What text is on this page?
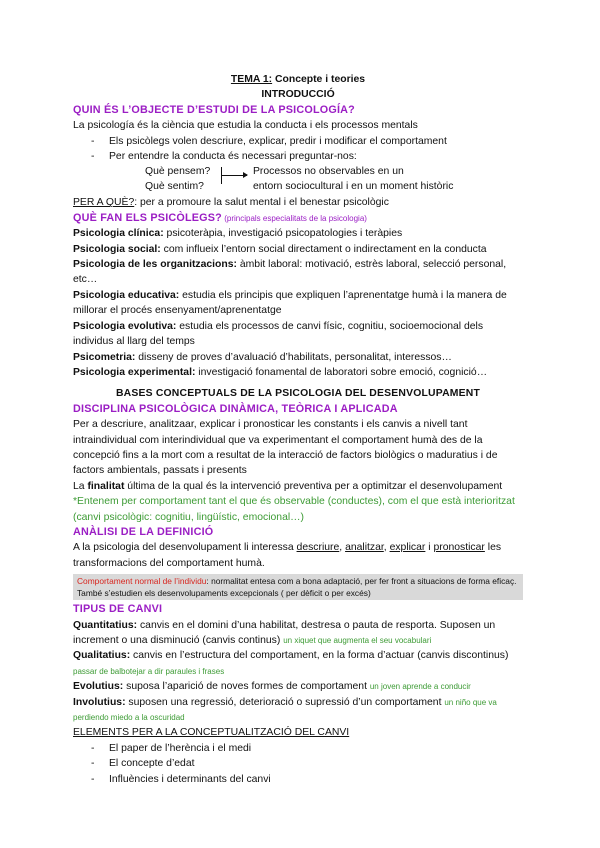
TEMA 1: Concepte i teories
INTRODUCCIÓ
QUIN ÉS L’OBJECTE D’ESTUDI DE LA PSICOLOGÍA?

La psicología és la ciència que estudia la conducta i els processos mentals

- Els psicòlegs volen descriure, explicar, predir i modificar el comportament
- Per entendre la conducta és necessari preguntar-nos:
Què pensem?
Què sentim?
Processos no observables en un
entorn sociocultural i en un moment històric

PER A QUÈ?: per a promoure la salut mental i el benestar psicològic

QUÈ FAN ELS PSICÒLEGS? (principals especialitats de la psicologia)

Psicologia clínica: psicoteràpia, investigació psicopatologies i teràpies

Psicologia social: com influeix l’entorn social directament o indirectament en la conducta

Psicologia de les organitzacions: àmbit laboral: motivació, estrès laboral, selecció personal, etc…

Psicologia educativa: estudia els principis que expliquen l’aprenentatge humà i la manera de millorar el procés ensenyament/aprenentatge

Psicologia evolutiva: estudia els processos de canvi físic, cognitiu, socioemocional dels individus al llarg del temps

Psicometria: disseny de proves d’avaluació d’habilitats, personalitat, interessos…

Psicologia experimental: investigació fonamental de laboratori sobre emoció, cognició…

BASES CONCEPTUALS DE LA PSICOLOGIA DEL DESENVOLUPAMENT
DISCIPLINA PSICOLÒGICA DINÀMICA, TEÒRICA I APLICADA

Per a descriure, analitzaar, explicar i pronosticar les constants i els canvis a nivell tant intraindividual com interindividual que va experimentant el comportament humà des de la concepció fins a la mort com a resultat de la interacció de factors biològics o maduratius i de factors ambientals, passats i presents

La finalitat última de la qual és la intervenció preventiva per a optimitzar el desenvolupament

*Entenem per comportament tant el que és observable (conductes), com el que està interioritzat (canvi psicològic: cognitiu, lingüístic, emocional…)

ANÀLISI DE LA DEFINICIÓ

A la psicologia del desenvolupament li interessa descriure, analitzar, explicar i pronosticar les transformacions del comportament humà.

Comportament normal de l’individu: normalitat entesa com a bona adaptació, per fer front a situacions de forma eficaç. També s’estudien els desenvolupaments excepcionals ( per dèficit o per excés)
TIPUS DE CANVI

Quantitatius: canvis en el domini d’una habilitat, destresa o pauta de resporta. Suposen un increment o una disminució (canvis continus) un xiquet que augmenta el seu vocabulari

Qualitatius: canvis en l’estructura del comportament, en la forma d’actuar (canvis discontinus) passar de balbotejar a dir paraules i frases

Evolutius: suposa l’aparició de noves formes de comportament un joven aprende a conducir

Involutius: suposen una regressió, deterioració o supressió d’un comportament un niño que va perdiendo miedo a la oscuridad

ELEMENTS PER A LA CONCEPTUALITZACIÓ DEL CANVI
- El paper de l’herència i el medi
- El concepte d’edat
- Influències i determinants del canvi
